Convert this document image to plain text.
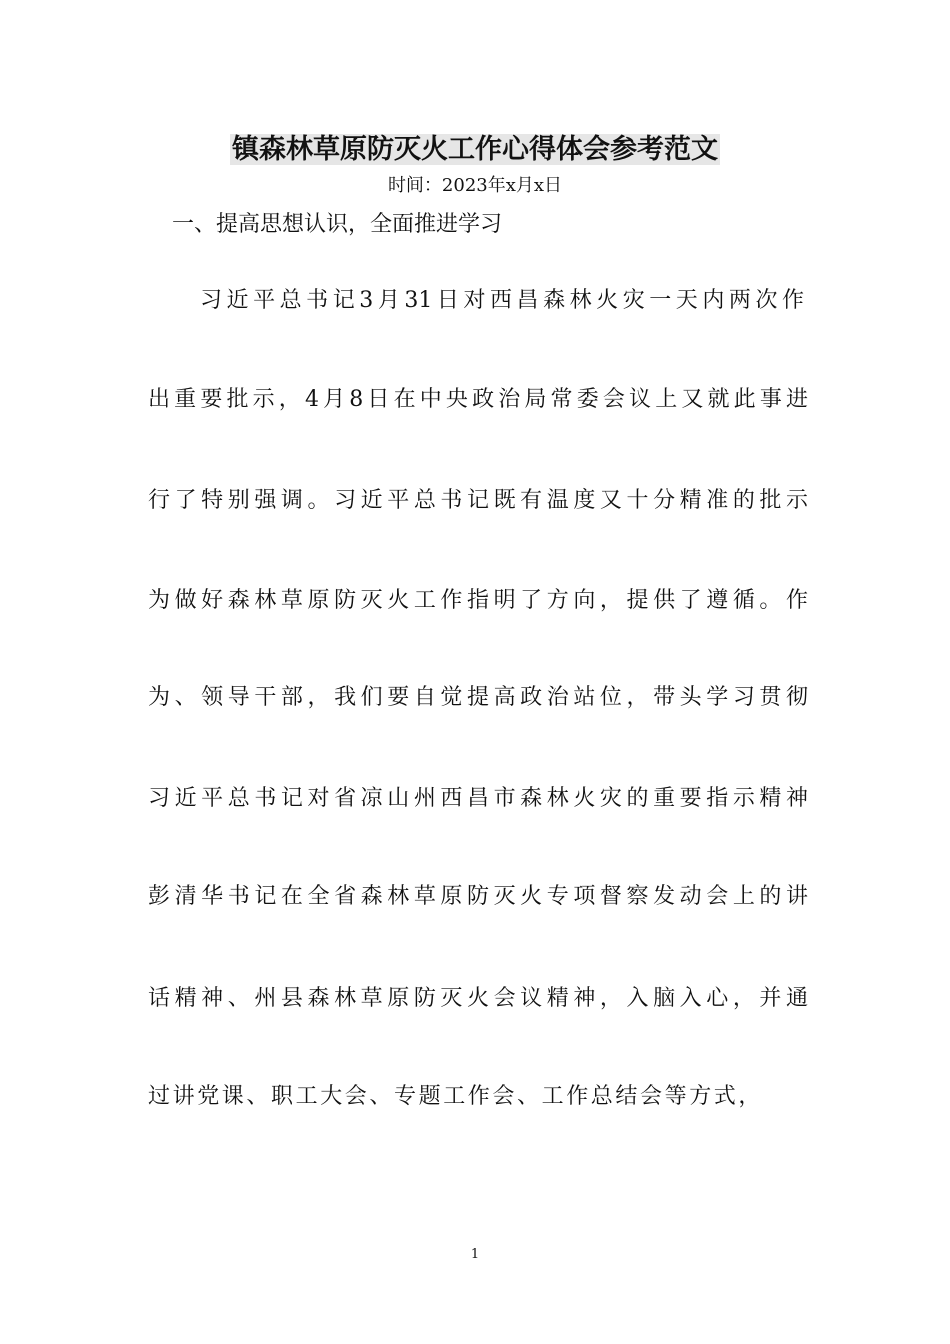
镇森林草原防灭火工作心得体会参考范文
时间：2023年x月x日
一、提高思想认识，全面推进学习
习近平总书记3月31日对西昌森林火灾一天内两次作
出重要批示，4月8日在中央政治局常委会议上又就此事进
行了特别强调。习近平总书记既有温度又十分精准的批示
为做好森林草原防灭火工作指明了方向，提供了遵循。作
为、领导干部，我们要自觉提高政治站位，带头学习贯彻
习近平总书记对省凉山州西昌市森林火灾的重要指示精神
彭清华书记在全省森林草原防灭火专项督察发动会上的讲
话精神、州县森林草原防灭火会议精神，入脑入心，并通
过讲党课、职工大会、专题工作会、工作总结会等方式，
1
